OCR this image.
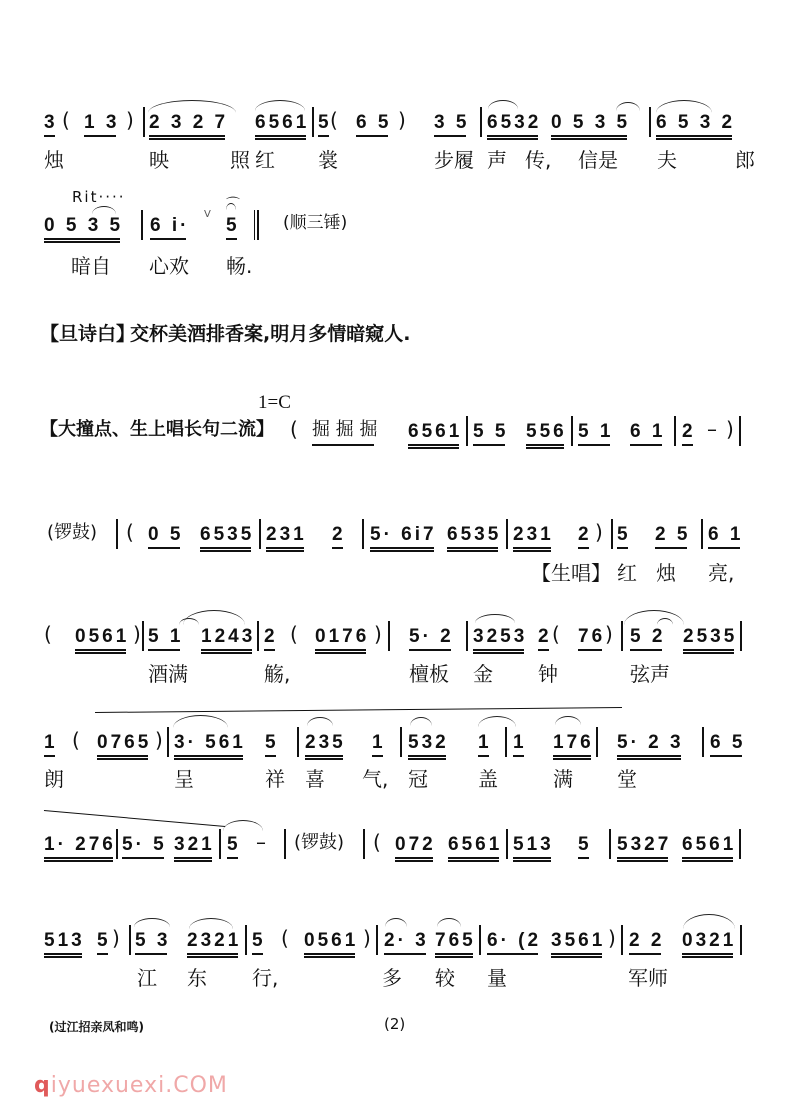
3 ( 1 3 ) 2 3 2 7 6561 5
( 6 5 ) 3 5 6532 0 5 3 5 6 5 3 2
烛	映	照 红 裳	步履 声 传, 信是 夫	郎
0 5 3 5 6 i· 5
暗自 心欢 畅.
Rit····
V
⌒
(顺三锤)
【旦诗白】
交杯美酒排香案,明月多情暗窥人.
( 掘 掘 掘 6561 5 5 556 5 1 6 1 2 – )
1=C
【大撞点、生上唱长句二流】
(锣鼓) ( 0 5 6535 231 2 5· 6i7 6535 231 2 ) 5 2 5 6 1
【生唱】 红 烛 亮,
( 0561 ) 5 1 1243 2 ( 0176 ) 5· 2 3253 2 ( 76 ) 5 2 2535
酒满	觞,	檀板 金 钟	弦声
1 ( 0765 ) 3· 561 5 235 1 532 1 1 176 5· 2 3 6 5
朗	呈	祥 喜 气, 冠	盖	满 堂
1· 276 5· 5 321 5 – (锣鼓) ( 072 6561 513 5 5327 6561
513 5 ) 5 3 2321 5 ( 0561 ) 2· 3 765 6· (2 3561 ) 2 2 0321
江 东 行,	多 较 量	军师
(过江招亲凤和鸣)	(2)
qiyuexuexi.COM
